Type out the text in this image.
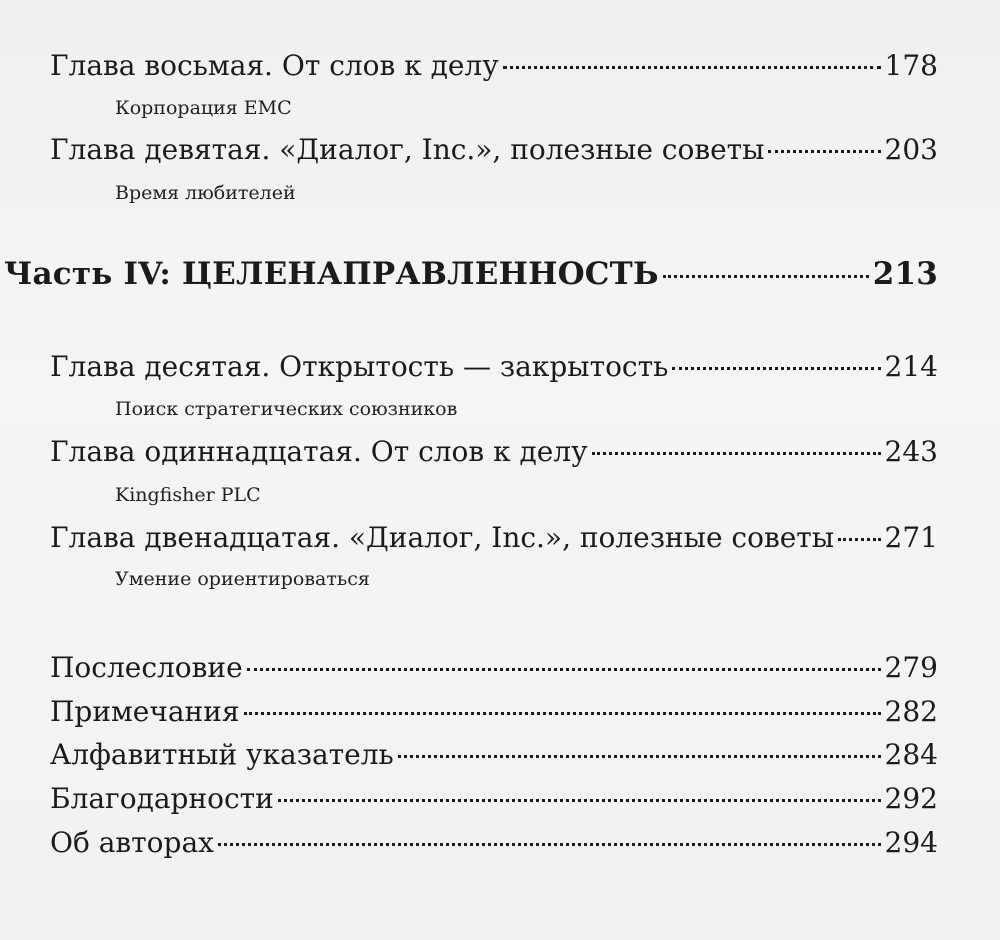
Глава восьмая. От слов к делу	178
Корпорация EMC
Глава девятая. «Диалог, Inc.», полезные советы	203
Время любителей
Часть IV: ЦЕЛЕНАПРАВЛЕННОСТЬ	213
Глава десятая. Открытость — закрытость	214
Поиск стратегических союзников
Глава одиннадцатая. От слов к делу	243
Kingfisher PLC
Глава двенадцатая. «Диалог, Inc.», полезные советы 271
Умение ориентироваться
Послесловие	279
Примечания	282
Алфавитный указатель	284
Благодарности	292
Об авторах	294
